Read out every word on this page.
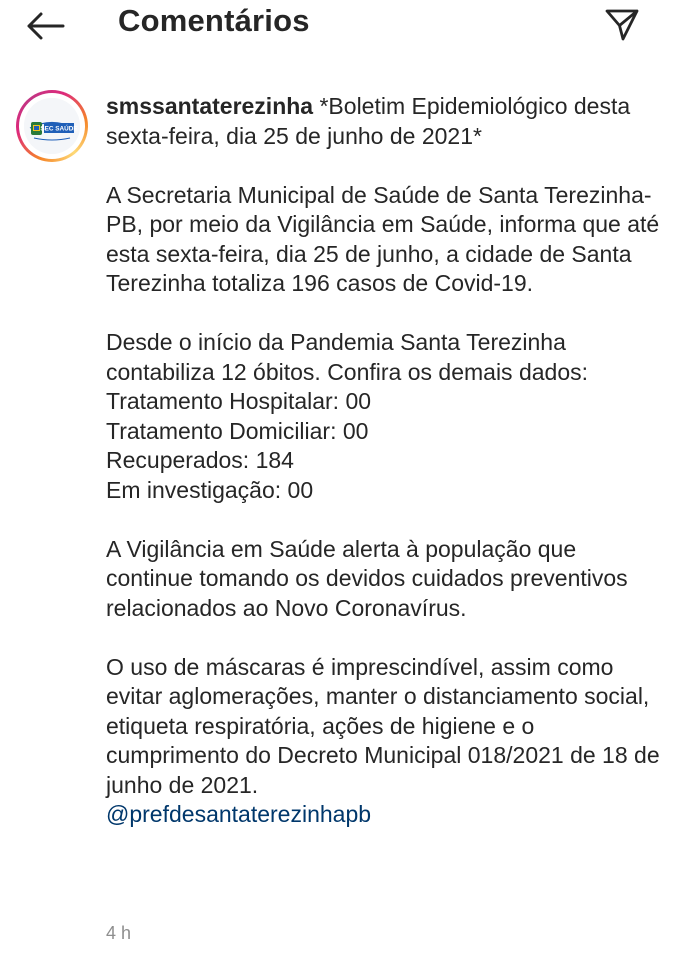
Comentários
SEC SAÚDE

smssantaterezinha *Boletim Epidemiológico desta sexta-feira, dia 25 de junho de 2021*

A Secretaria Municipal de Saúde de Santa Terezinha-PB, por meio da Vigilância em Saúde, informa que até esta sexta-feira, dia 25 de junho, a cidade de Santa Terezinha totaliza 196 casos de Covid-19.

Desde o início da Pandemia Santa Terezinha contabiliza 12 óbitos. Confira os demais dados:
Tratamento Hospitalar: 00
Tratamento Domiciliar: 00
Recuperados: 184
Em investigação: 00

A Vigilância em Saúde alerta à população que continue tomando os devidos cuidados preventivos relacionados ao Novo Coronavírus.

O uso de máscaras é imprescindível, assim como evitar aglomerações, manter o distanciamento social, etiqueta respiratória, ações de higiene e o cumprimento do Decreto Municipal 018/2021 de 18 de junho de 2021.
@prefdesantaterezinhapb

4 h
